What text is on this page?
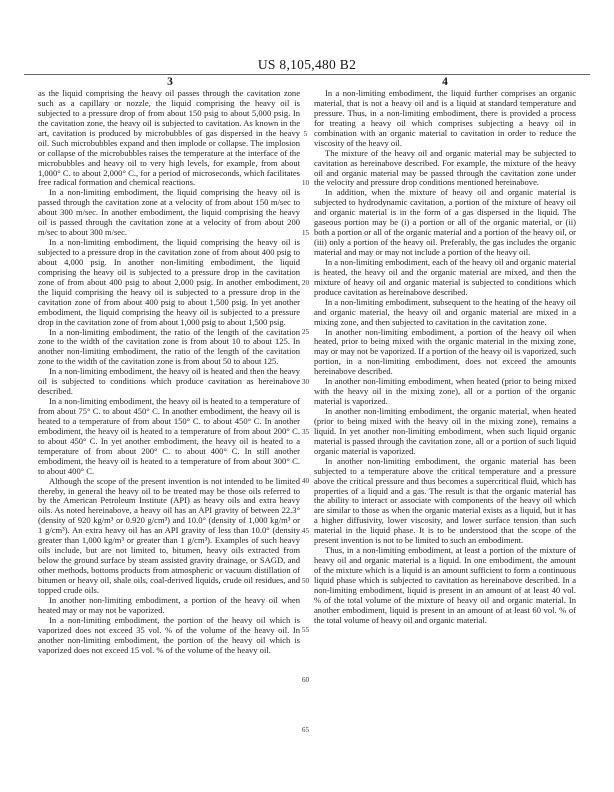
US 8,105,480 B2
3	4

as the liquid comprising the heavy oil passes through the cavitation zone such as a capillary or nozzle, the liquid comprising the heavy oil is subjected to a pressure drop of from about 150 psig to about 5,000 psig. In the cavitation zone, the heavy oil is subjected to cavitation. As known in the art, cavitation is produced by microbubbles of gas dispersed in the heavy oil. Such microbubbles expand and then implode or collapse. The implosion or collapse of the microbubbles raises the temperature at the interface of the microbubbles and heavy oil to very high levels, for example, from about 1,000° C. to about 2,000° C., for a period of microseconds, which facilitates free radical formation and chemical reactions.

In a non-limiting embodiment, the liquid comprising the heavy oil is passed through the cavitation zone at a velocity of from about 150 m/sec to about 300 m/sec. In another embodiment, the liquid comprising the heavy oil is passed through the cavitation zone at a velocity of from about 200 m/sec to about 300 m/sec.

In a non-limiting embodiment, the liquid comprising the heavy oil is subjected to a pressure drop in the cavitation zone of from about 400 psig to about 4,000 psig. In another non-limiting embodiment, the liquid comprising the heavy oil is subjected to a pressure drop in the cavitation zone of from about 400 psig to about 2,000 psig. In another embodiment, the liquid comprising the heavy oil is subjected to a pressure drop in the cavitation zone of from about 400 psig to about 1,500 psig. In yet another embodiment, the liquid comprising the heavy oil is subjected to a pressure drop in the cavitation zone of from about 1,000 psig to about 1,500 psig.

In a non-limiting embodiment, the ratio of the length of the cavitation zone to the width of the cavitation zone is from about 10 to about 125. In another non-limiting embodiment, the ratio of the length of the cavitation zone to the width of the cavitation zone is from about 50 to about 125.

In a non-limiting embodiment, the heavy oil is heated and then the heavy oil is subjected to conditions which produce cavitation as hereinabove described.

In a non-limiting embodiment, the heavy oil is heated to a temperature of from about 75° C. to about 450° C. In another embodiment, the heavy oil is heated to a temperature of from about 150° C. to about 450° C. In another embodiment, the heavy oil is heated to a temperature of from about 200° C. to about 450° C. In yet another embodiment, the heavy oil is heated to a temperature of from about 200° C. to about 400° C. In still another embodiment, the heavy oil is heated to a temperature of from about 300° C. to about 400° C.

Although the scope of the present invention is not intended to be limited thereby, in general the heavy oil to be treated may be those oils referred to by the American Petroleum Institute (API) as heavy oils and extra heavy oils. As noted hereinabove, a heavy oil has an API gravity of between 22.3° (density of 920 kg/m³ or 0.920 g/cm³) and 10.0° (density of 1,000 kg/m³ or 1 g/cm³). An extra heavy oil has an API gravity of less than 10.0° (density greater than 1,000 kg/m³ or greater than 1 g/cm³). Examples of such heavy oils include, but are not limited to, bitumen, heavy oils extracted from below the ground surface by steam assisted gravity drainage, or SAGD, and other methods, bottoms products from atmospheric or vacuum distillation of bitumen or heavy oil, shale oils, coal-derived liquids, crude oil residues, and topped crude oils.

In another non-limiting embodiment, a portion of the heavy oil when heated may or may not be vaporized.

In a non-limiting embodiment, the portion of the heavy oil which is vaporized does not exceed 35 vol. % of the volume of the heavy oil. In another non-limiting embodiment, the portion of the heavy oil which is vaporized does not exceed 15 vol. % of the volume of the heavy oil.

In a non-limiting embodiment, the liquid further comprises an organic material, that is not a heavy oil and is a liquid at standard temperature and pressure. Thus, in a non-limiting embodiment, there is provided a process for treating a heavy oil which comprises subjecting a heavy oil in combination with an organic material to cavitation in order to reduce the viscosity of the heavy oil.

The mixture of the heavy oil and organic material may be subjected to cavitation as hereinabove described. For example, the mixture of the heavy oil and organic material may be passed through the cavitation zone under the velocity and pressure drop conditions mentioned hereinabove.

In addition, when the mixture of heavy oil and organic material is subjected to hydrodynamic cavitation, a portion of the mixture of heavy oil and organic material is in the form of a gas dispersed in the liquid. The gaseous portion may be (i) a portion or all of the organic material, or (ii) both a portion or all of the organic material and a portion of the heavy oil, or (iii) only a portion of the heavy oil. Preferably, the gas includes the organic material and may or may not include a portion of the heavy oil.

In a non-limiting embodiment, each of the heavy oil and organic material is heated, the heavy oil and the organic material are mixed, and then the mixture of heavy oil and organic material is subjected to conditions which produce cavitation as hereinabove described.

In a non-limiting embodiment, subsequent to the heating of the heavy oil and organic material, the heavy oil and organic material are mixed in a mixing zone, and then subjected to cavitation in the cavitation zone.

In another non-limiting embodiment, a portion of the heavy oil when heated, prior to being mixed with the organic material in the mixing zone, may or may not be vaporized. If a portion of the heavy oil is vaporized, such portion, in a non-limiting embodiment, does not exceed the amounts hereinabove described.

In another non-limiting embodiment, when heated (prior to being mixed with the heavy oil in the mixing zone), all or a portion of the organic material is vaporized.

In another non-limiting embodiment, the organic material, when heated (prior to being mixed with the heavy oil in the mixing zone), remains a liquid. In yet another non-limiting embodiment, when such liquid organic material is passed through the cavitation zone, all or a portion of such liquid organic material is vaporized.

In another non-limiting embodiment, the organic material has been subjected to a temperature above the critical temperature and a pressure above the critical pressure and thus becomes a supercritical fluid, which has properties of a liquid and a gas. The result is that the organic material has the ability to interact or associate with components of the heavy oil which are similar to those as when the organic material exists as a liquid, but it has a higher diffusivity, lower viscosity, and lower surface tension than such material in the liquid phase. It is to be understood that the scope of the present invention is not to be limited to such an embodiment.

Thus, in a non-limiting embodiment, at least a portion of the mixture of heavy oil and organic material is a liquid. In one embodiment, the amount of the mixture which is a liquid is an amount sufficient to form a continuous liquid phase which is subjected to cavitation as hereinabove described. In a non-limiting embodiment, liquid is present in an amount of at least 40 vol. % of the total volume of the mixture of heavy oil and organic material. In another embodiment, liquid is present in an amount of at least 60 vol. % of the total volume of heavy oil and organic material.

5
10
15
20
25
30
35
40
45
50
55
60
65
